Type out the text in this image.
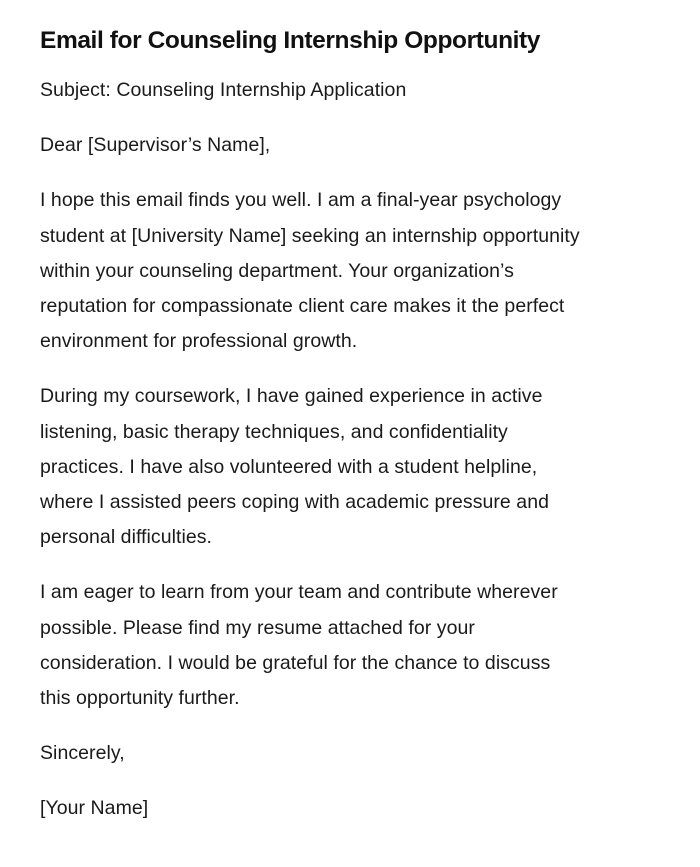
Email for Counseling Internship Opportunity

Subject: Counseling Internship Application

Dear [Supervisor’s Name],

I hope this email finds you well. I am a final-year psychology
student at [University Name] seeking an internship opportunity
within your counseling department. Your organization’s
reputation for compassionate client care makes it the perfect
environment for professional growth.

During my coursework, I have gained experience in active
listening, basic therapy techniques, and confidentiality
practices. I have also volunteered with a student helpline,
where I assisted peers coping with academic pressure and
personal difficulties.

I am eager to learn from your team and contribute wherever
possible. Please find my resume attached for your
consideration. I would be grateful for the chance to discuss
this opportunity further.

Sincerely,

[Your Name]
